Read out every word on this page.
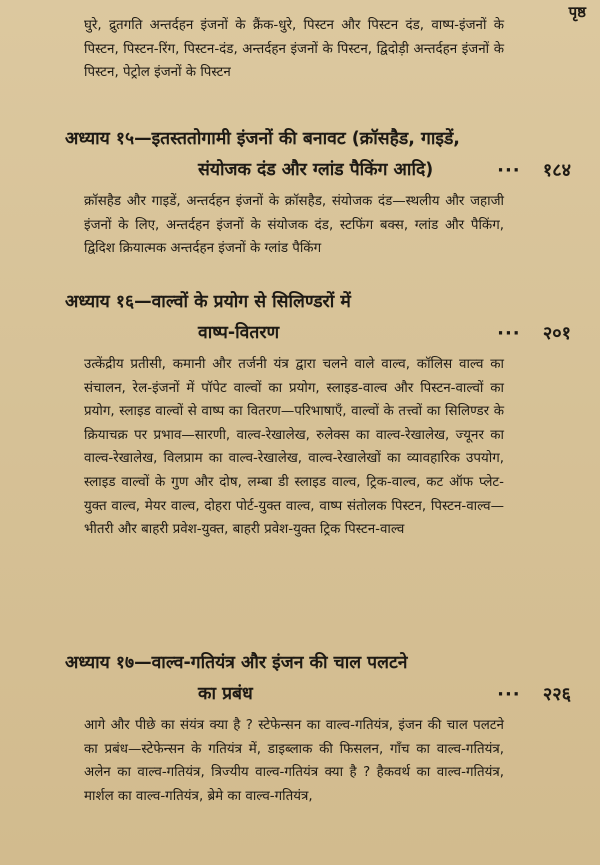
पृष्ठ
घुरे, द्रुतगति अन्तर्दहन इंजनों के क्रैंक-धुरे, पिस्टन और पिस्टन दंड, वाष्प-इंजनों के पिस्टन, पिस्टन-रिंग, पिस्टन-दंड, अन्तर्दहन इंजनों के पिस्टन, द्विदोड़ी अन्तर्दहन इंजनों के पिस्टन, पेट्रोल इंजनों के पिस्टन
अध्याय १५—इतस्ततोगामी इंजनों की बनावट (क्रॉसहैड, गाइडें,
संयोजक दंड और ग्लांड पैकिंग आदि)	··· १८४
क्रॉसहैड और गाइडें, अन्तर्दहन इंजनों के क्रॉसहैड, संयोजक दंड—स्थलीय और जहाजी इंजनों के लिए, अन्तर्दहन इंजनों के संयोजक दंड, स्टफिंग बक्स, ग्लांड और पैकिंग, द्विदिश क्रियात्मक अन्तर्दहन इंजनों के ग्लांड पैकिंग
अध्याय १६—वाल्वों के प्रयोग से सिलिण्डरों में
वाष्प-वितरण	··· २०१
उत्केंद्रीय प्रतीसी, कमानी और तर्जनी यंत्र द्वारा चलने वाले वाल्व, कॉलिस वाल्व का संचालन, रेल-इंजनों में पॉपेट वाल्वों का प्रयोग, स्लाइड-वाल्व और पिस्टन-वाल्वों का प्रयोग, स्लाइड वाल्वों से वाष्प का वितरण—परिभाषाएँ, वाल्वों के तत्त्वों का सिलिण्डर के क्रियाचक्र पर प्रभाव—सारणी, वाल्व-रेखालेख, रुलेक्स का वाल्व-रेखालेख, ज्यूनर का वाल्व-रेखालेख, विलप्राम का वाल्व-रेखालेख, वाल्व-रेखालेखों का व्यावहारिक उपयोग, स्लाइड वाल्वों के गुण और दोष, लम्बा डी स्लाइड वाल्व, ट्रिक-वाल्व, कट ऑफ प्लेट-युक्त वाल्व, मेयर वाल्व, दोहरा पोर्ट-युक्त वाल्व, वाष्प संतोलक पिस्टन, पिस्टन-वाल्व—भीतरी और बाहरी प्रवेश-युक्त, बाहरी प्रवेश-युक्त ट्रिक पिस्टन-वाल्व
अध्याय १७—वाल्व-गतियंत्र और इंजन की चाल पलटने
का प्रबंध	··· २२६
आगे और पीछे का संयंत्र क्या है ? स्टेफेन्सन का वाल्व-गतियंत्र, इंजन की चाल पलटने का प्रबंध—स्टेफेन्सन के गतियंत्र में, डाइब्लाक की फिसलन, गाँच का वाल्व-गतियंत्र, अलेन का वाल्व-गतियंत्र, त्रिज्यीय वाल्व-गतियंत्र क्या है ? हैकवर्थ का वाल्व-गतियंत्र, मार्शल का वाल्व-गतियंत्र, ब्रेमे का वाल्व-गतियंत्र,
